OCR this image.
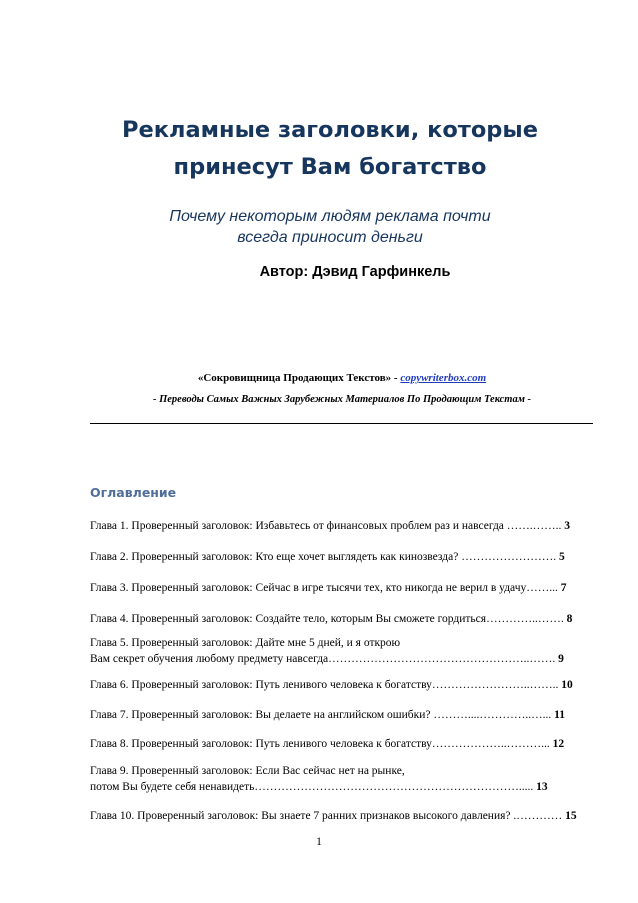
Рекламные заголовки, которые
принесут Вам богатство
Почему некоторым людям реклама почти
всегда приносит деньги
Автор: Дэвид Гарфинкель
«Сокровищница Продающих Текстов» - copywriterbox.com
- Переводы Самых Важных Зарубежных Материалов По Продающим Текстам -
Оглавление
Глава 1. Проверенный заголовок: Избавьтесь от финансовых проблем раз и навсегда …….…….. 3
Глава 2. Проверенный заголовок: Кто еще хочет выглядеть как кинозвезда? ……………………. 5
Глава 3. Проверенный заголовок: Сейчас в игре тысячи тех, кто никогда не верил в удачу……... 7
Глава 4. Проверенный заголовок: Создайте тело, которым Вы сможете гордиться…………..……. 8
Глава 5. Проверенный заголовок: Дайте мне 5 дней, и я открою
Вам секрет обучения любому предмету навсегда……………………………………………..……. 9
Глава 6. Проверенный заголовок: Путь ленивого человека к богатству……………………..…….. 10
Глава 7. Проверенный заголовок: Вы делаете на английском ошибки? ………....…………..…... 11
Глава 8. Проверенный заголовок: Путь ленивого человека к богатству………………..………... 12
Глава 9. Проверенный заголовок: Если Вас сейчас нет на рынке,
потом Вы будете себя ненавидеть……………………………………………………………..... 13
Глава 10. Проверенный заголовок: Вы знаете 7 ранних признаков высокого давления? .………… 15
1
